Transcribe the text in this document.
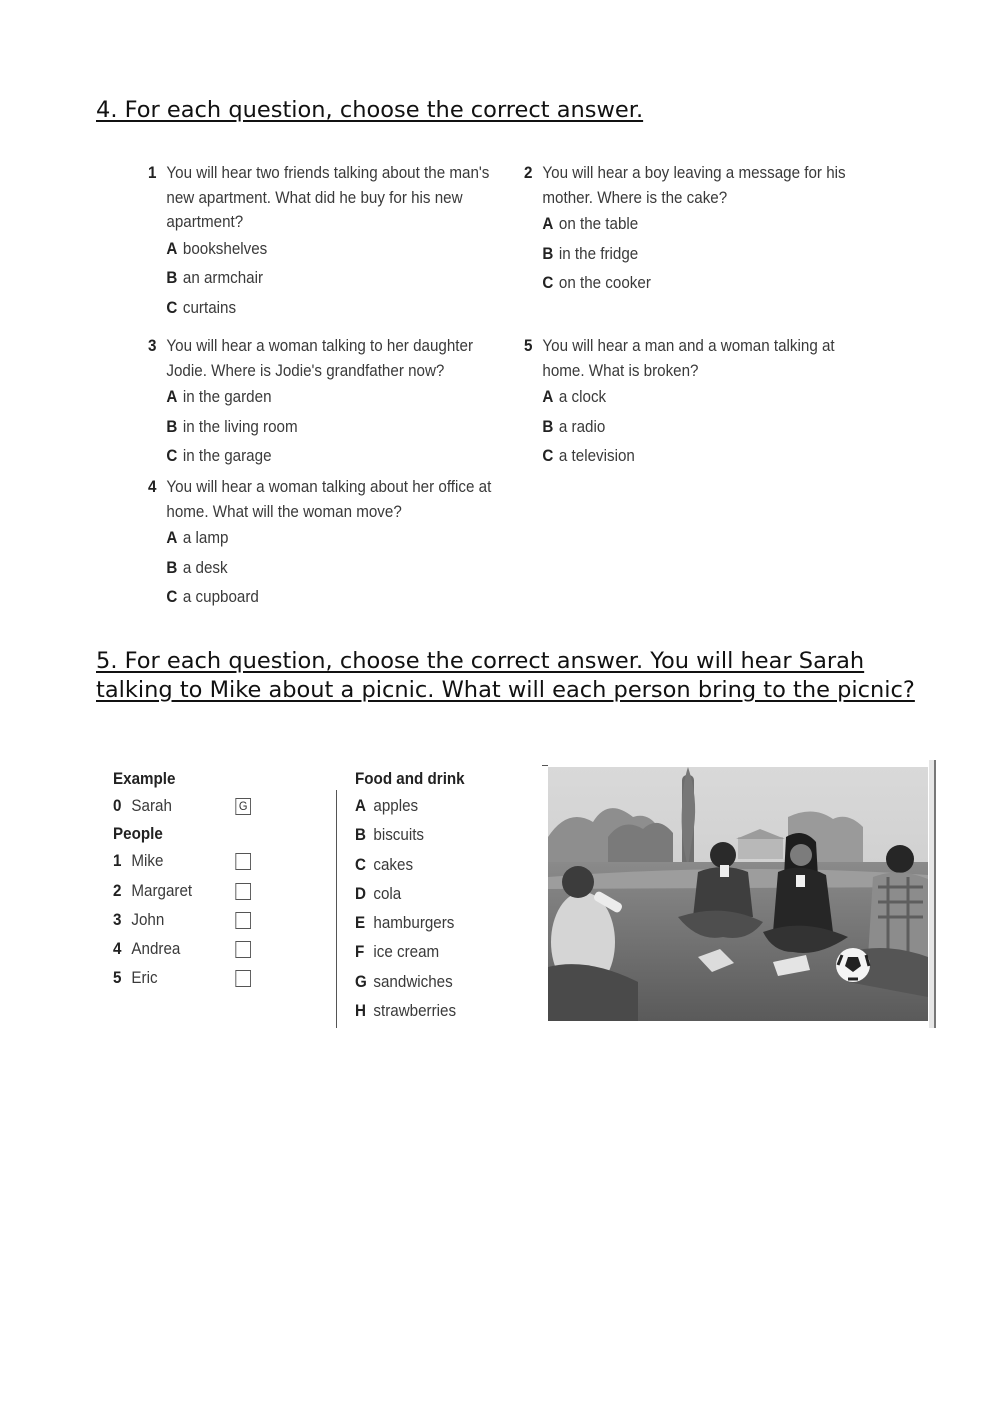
4. For each question, choose the correct answer.
1 You will hear two friends talking about the man's new apartment. What did he buy for his new apartment?
A bookshelves
B an armchair
C curtains
2 You will hear a boy leaving a message for his mother. Where is the cake?
A on the table
B in the fridge
C on the cooker
3 You will hear a woman talking to her daughter Jodie. Where is Jodie's grandfather now?
A in the garden
B in the living room
C in the garage
4 You will hear a woman talking about her office at home. What will the woman move?
A a lamp
B a desk
C a cupboard
5 You will hear a man and a woman talking at home. What is broken?
A a clock
B a radio
C a television
5. For each question, choose the correct answer. You will hear Sarah talking to Mike about a picnic. What will each person bring to the picnic?
Example
0 Sarah	G
People
1 Mike
2 Margaret
3 John
4 Andrea
5 Eric
Food and drink
A apples
B biscuits
C cakes
D cola
E hamburgers
F ice cream
G sandwiches
H strawberries
